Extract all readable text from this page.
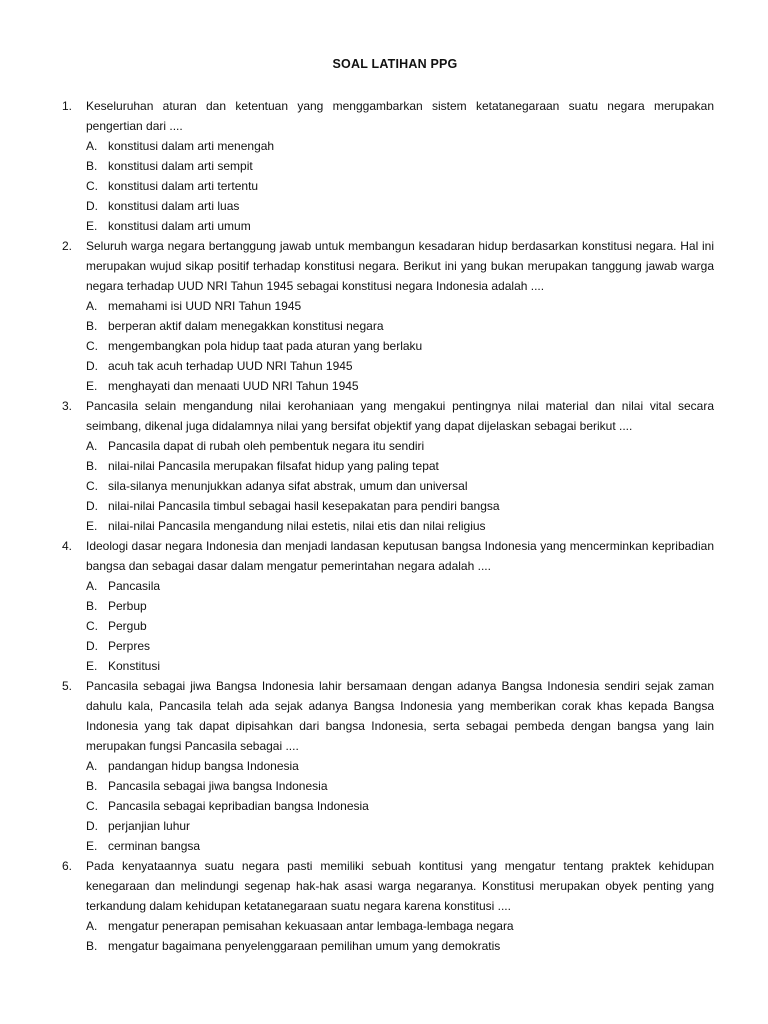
SOAL LATIHAN PPG
1.	Keseluruhan aturan dan ketentuan yang menggambarkan sistem ketatanegaraan suatu negara merupakan pengertian dari ....
A. konstitusi dalam arti menengah
B. konstitusi dalam arti sempit
C. konstitusi dalam arti tertentu
D. konstitusi dalam arti luas
E. konstitusi dalam arti umum
2.	Seluruh warga negara bertanggung jawab untuk membangun kesadaran hidup berdasarkan konstitusi negara. Hal ini merupakan wujud sikap positif terhadap konstitusi negara. Berikut ini yang bukan merupakan tanggung jawab warga negara terhadap UUD NRI Tahun 1945 sebagai konstitusi negara Indonesia adalah ....
A. memahami isi UUD NRI Tahun 1945
B. berperan aktif dalam menegakkan konstitusi negara
C. mengembangkan pola hidup taat pada aturan yang berlaku
D. acuh tak acuh terhadap UUD NRI Tahun 1945
E. menghayati dan menaati UUD NRI Tahun 1945
3.	Pancasila selain mengandung nilai kerohaniaan yang mengakui pentingnya nilai material dan nilai vital secara seimbang, dikenal juga didalamnya nilai yang bersifat objektif yang dapat dijelaskan sebagai berikut ....
A. Pancasila dapat di rubah oleh pembentuk negara itu sendiri
B. nilai-nilai Pancasila merupakan filsafat hidup yang paling tepat
C. sila-silanya menunjukkan adanya sifat abstrak, umum dan universal
D. nilai-nilai Pancasila timbul sebagai hasil kesepakatan para pendiri bangsa
E. nilai-nilai Pancasila mengandung nilai estetis, nilai etis dan nilai religius
4.	Ideologi dasar negara Indonesia dan menjadi landasan keputusan bangsa Indonesia yang mencerminkan kepribadian bangsa dan sebagai dasar dalam mengatur pemerintahan negara adalah ....
A. Pancasila
B. Perbup
C. Pergub
D. Perpres
E. Konstitusi
5.	Pancasila sebagai jiwa Bangsa Indonesia lahir bersamaan dengan adanya Bangsa Indonesia sendiri sejak zaman dahulu kala, Pancasila telah ada sejak adanya Bangsa Indonesia yang memberikan corak khas kepada Bangsa Indonesia yang tak dapat dipisahkan dari bangsa Indonesia, serta sebagai pembeda dengan bangsa yang lain merupakan fungsi Pancasila sebagai ....
A. pandangan hidup bangsa Indonesia
B. Pancasila sebagai jiwa bangsa Indonesia
C. Pancasila sebagai kepribadian bangsa Indonesia
D. perjanjian luhur
E. cerminan bangsa
6.	Pada kenyataannya suatu negara pasti memiliki sebuah kontitusi yang mengatur tentang praktek kehidupan kenegaraan dan melindungi segenap hak-hak asasi warga negaranya. Konstitusi merupakan obyek penting yang terkandung dalam kehidupan ketatanegaraan suatu negara karena konstitusi ....
A. mengatur penerapan pemisahan kekuasaan antar lembaga-lembaga negara
B. mengatur bagaimana penyelenggaraan pemilihan umum yang demokratis
